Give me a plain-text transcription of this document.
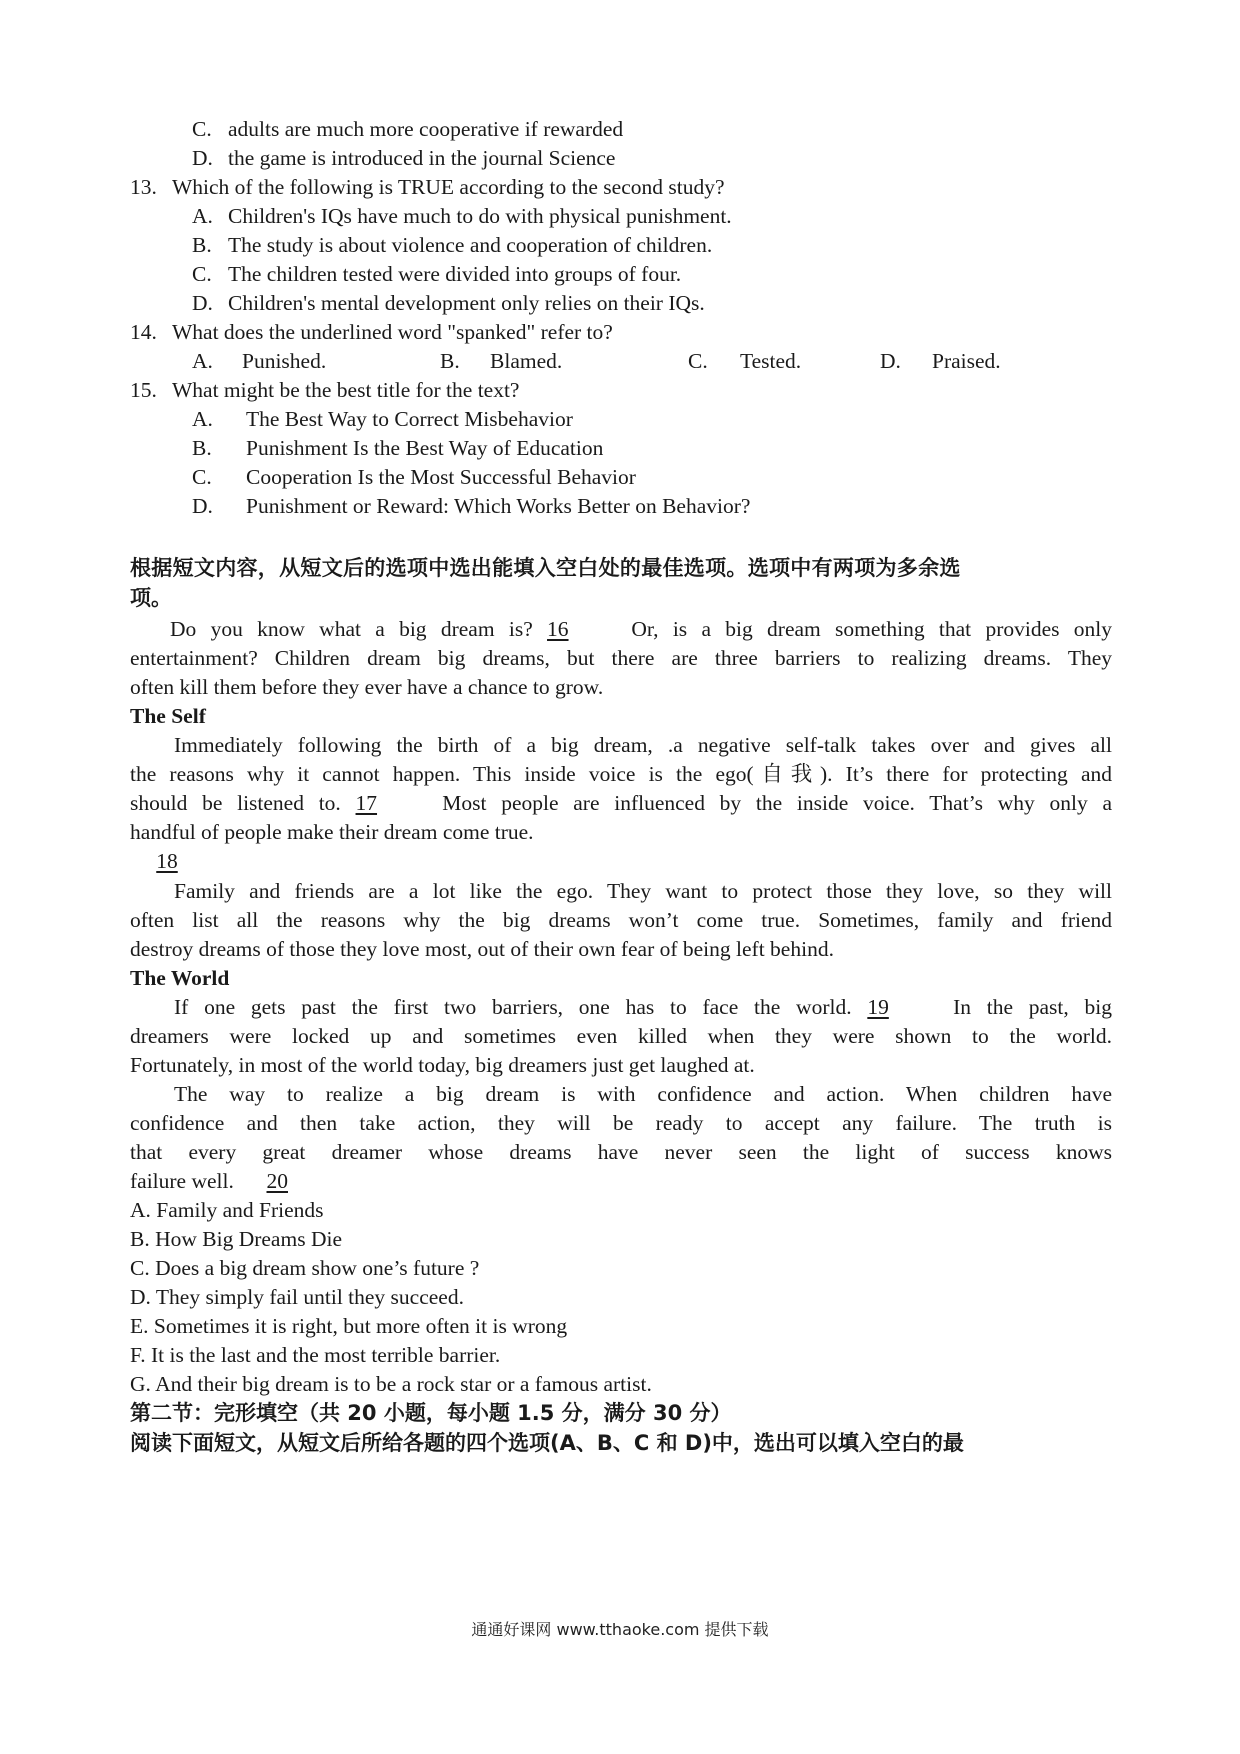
C. adults are much more cooperative if rewarded
D. the game is introduced in the journal Science
13. Which of the following is TRUE according to the second study?
A. Children's IQs have much to do with physical punishment.
B. The study is about violence and cooperation of children.
C. The children tested were divided into groups of four.
D. Children's mental development only relies on their IQs.
14. What does the underlined word "spanked" refer to?
A. Punished.	B. Blamed.	C. Tested.	D. Praised.
15. What might be the best title for the text?
A. The Best Way to Correct Misbehavior
B. Punishment Is the Best Way of Education
C. Cooperation Is the Most Successful Behavior
D. Punishment or Reward: Which Works Better on Behavior?
根据短文内容，从短文后的选项中选出能填入空白处的最佳选项。选项中有两项为多余选
项。
Do you know what a big dream is? 16	Or, is a big dream something that provides only
entertainment? Children dream big dreams, but there are three barriers to realizing dreams. They
often kill them before they ever have a chance to grow.
The Self
Immediately following the birth of a big dream, .a negative self-talk takes over and gives all
the reasons why it cannot happen. This inside voice is the ego(自我). It’s there for protecting and
should be listened to. 17	Most people are influenced by the inside voice. That’s why only a
handful of people make their dream come true.
18
Family and friends are a lot like the ego. They want to protect those they love, so they will
often list all the reasons why the big dreams won’t come true. Sometimes, family and friend
destroy dreams of those they love most, out of their own fear of being left behind.
The World
If one gets past the first two barriers, one has to face the world. 19	In the past, big
dreamers were locked up and sometimes even killed when they were shown to the world.
Fortunately, in most of the world today, big dreamers just get laughed at.
The way to realize a big dream is with confidence and action. When children have
confidence and then take action, they will be ready to accept any failure. The truth is
that every great dreamer whose dreams have never seen the light of success knows
failure well. 20
A. Family and Friends
B. How Big Dreams Die
C. Does a big dream show one’s future ?
D. They simply fail until they succeed.
E. Sometimes it is right, but more often it is wrong
F. It is the last and the most terrible barrier.
G. And their big dream is to be a rock star or a famous artist.
第二节：完形填空（共 20 小题，每小题 1.5 分，满分 30 分）
阅读下面短文，从短文后所给各题的四个选项(A、B、C 和 D)中，选出可以填入空白的最
通通好课网 www.tthaoke.com 提供下载
